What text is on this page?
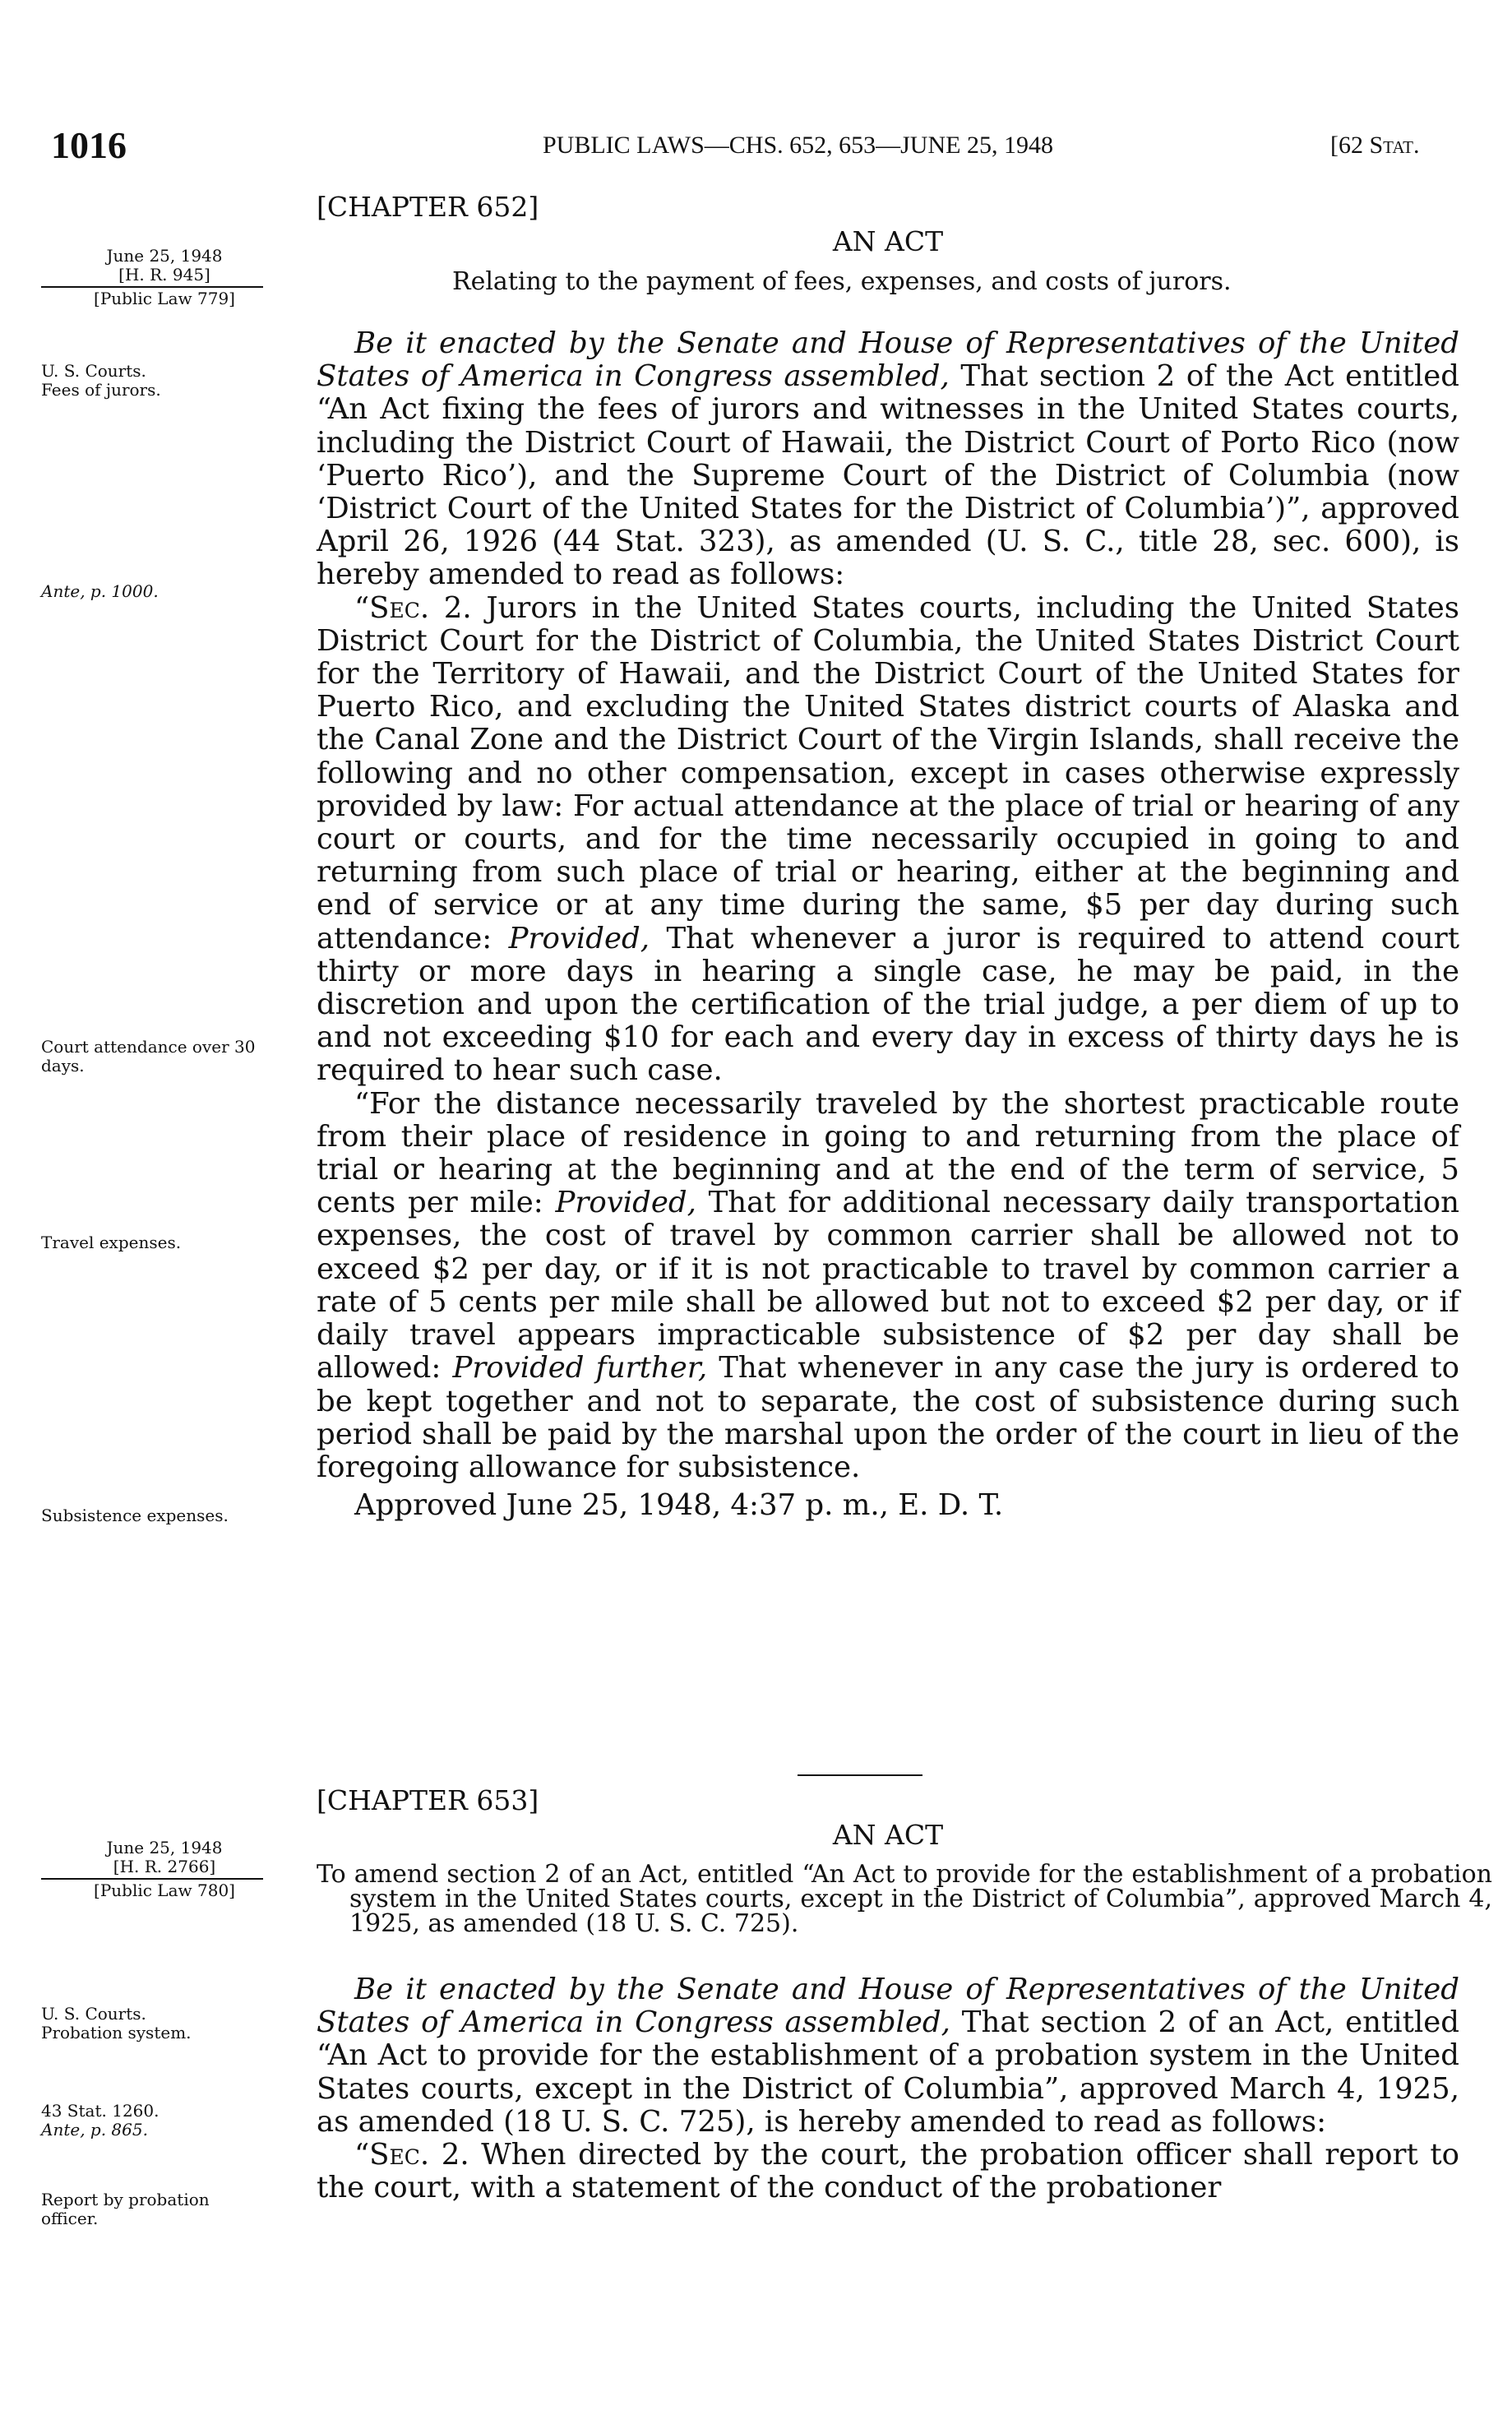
1016	PUBLIC LAWS—CHS. 652, 653—JUNE 25, 1948	[62 Stat.
[CHAPTER 652]
AN ACT
Relating to the payment of fees, expenses, and costs of jurors.

Be it enacted by the Senate and House of Representatives of the United States of America in Congress assembled, That section 2 of the Act entitled “An Act fixing the fees of jurors and witnesses in the United States courts, including the District Court of Hawaii, the District Court of Porto Rico (now ‘Puerto Rico’), and the Supreme Court of the District of Columbia (now ‘District Court of the United States for the District of Columbia’)”, approved April 26, 1926 (44 Stat. 323), as amended (U. S. C., title 28, sec. 600), is hereby amended to read as follows:

“Sec. 2. Jurors in the United States courts, including the United States District Court for the District of Columbia, the United States District Court for the Territory of Hawaii, and the District Court of the United States for Puerto Rico, and excluding the United States district courts of Alaska and the Canal Zone and the District Court of the Virgin Islands, shall receive the following and no other compensation, except in cases otherwise expressly provided by law: For actual attendance at the place of trial or hearing of any court or courts, and for the time necessarily occupied in going to and returning from such place of trial or hearing, either at the beginning and end of service or at any time during the same, $5 per day during such attendance: Provided, That whenever a juror is required to attend court thirty or more days in hearing a single case, he may be paid, in the discretion and upon the certification of the trial judge, a per diem of up to and not exceeding $10 for each and every day in excess of thirty days he is required to hear such case.

“For the distance necessarily traveled by the shortest practicable route from their place of residence in going to and returning from the place of trial or hearing at the beginning and at the end of the term of service, 5 cents per mile: Provided, That for additional necessary daily transportation expenses, the cost of travel by common carrier shall be allowed not to exceed $2 per day, or if it is not practicable to travel by common carrier a rate of 5 cents per mile shall be allowed but not to exceed $2 per day, or if daily travel appears impracticable subsistence of $2 per day shall be allowed: Provided further, That whenever in any case the jury is ordered to be kept together and not to separate, the cost of subsistence during such period shall be paid by the marshal upon the order of the court in lieu of the foregoing allowance for subsistence.

Approved June 25, 1948, 4:37 p. m., E. D. T.

[CHAPTER 653]
AN ACT
To amend section 2 of an Act, entitled “An Act to provide for the establishment of a probation system in the United States courts, except in the District of Columbia”, approved March 4, 1925, as amended (18 U. S. C. 725).

Be it enacted by the Senate and House of Representatives of the United States of America in Congress assembled, That section 2 of an Act, entitled “An Act to provide for the establishment of a probation system in the United States courts, except in the District of Columbia”, approved March 4, 1925, as amended (18 U. S. C. 725), is hereby amended to read as follows:

“Sec. 2. When directed by the court, the probation officer shall report to the court, with a statement of the conduct of the probationer

June 25, 1948
[H. R. 945]
[Public Law 779]
U. S. Courts.
Fees of jurors.
Ante, p. 1000.
Court attendance over 30 days.
Travel expenses.
Subsistence expenses.
June 25, 1948
[H. R. 2766]
[Public Law 780]
U. S. Courts.
Probation system.
43 Stat. 1260.
Ante, p. 865.
Report by probation officer.
